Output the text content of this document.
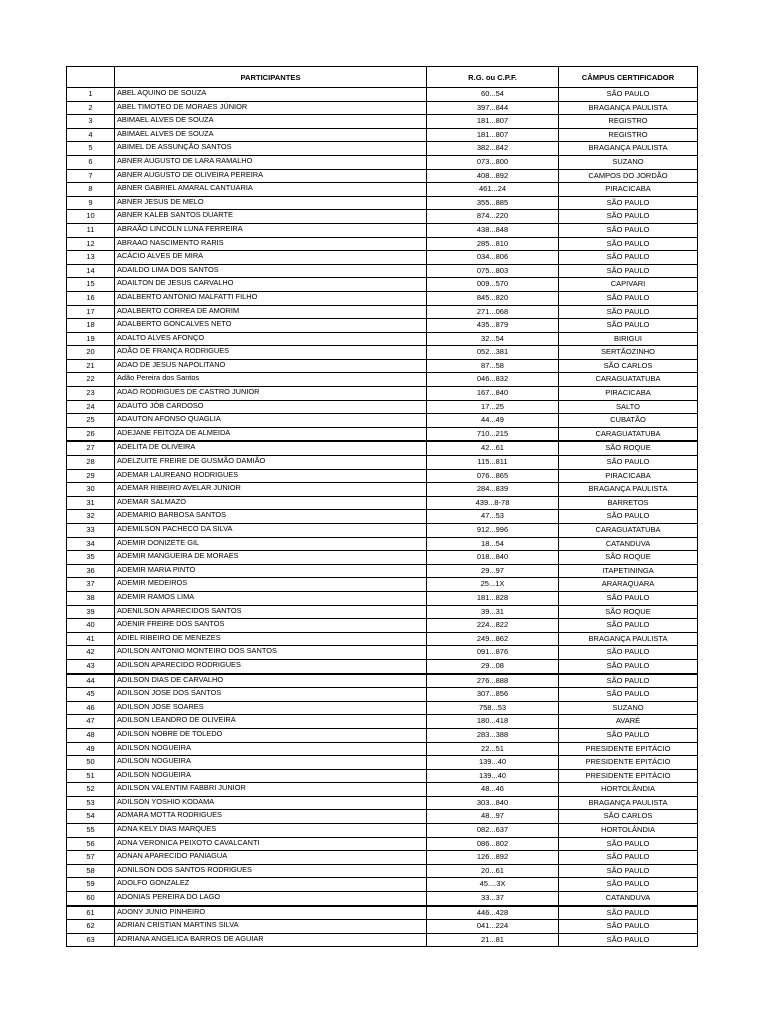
	PARTICIPANTES	R.G. ou C.P.F.	CÂMPUS CERTIFICADOR
1	ABEL AQUINO DE SOUZA	60...54	SÃO PAULO
2	ABEL TIMOTEO DE MORAES JÚNIOR	397...844	BRAGANÇA PAULISTA
3	ABIMAEL ALVES DE SOUZA	181...807	REGISTRO
4	ABIMAEL ALVES DE SOUZA	181...807	REGISTRO
5	ABIMEL DE ASSUNÇÃO SANTOS	382...842	BRAGANÇA PAULISTA
6	ABNER AUGUSTO DE LARA RAMALHO	073...800	SUZANO
7	ABNER AUGUSTO DE OLIVEIRA PEREIRA	408...892	CAMPOS DO JORDÃO
8	ABNER GABRIEL AMARAL CANTUARIA	461...24	PIRACICABA
9	ABNER JESUS DE MELO	355...885	SÃO PAULO
10	ABNER KALEB SANTOS DUARTE	874...220	SÃO PAULO
11	ABRAÃO LINCOLN LUNA FERREIRA	438...848	SÃO PAULO
12	ABRAAO NASCIMENTO RARIS	285...810	SÃO PAULO
13	ACÁCIO ALVES DE MIRA	034...806	SÃO PAULO
14	ADAILDO LIMA DOS SANTOS	075...803	SÃO PAULO
15	ADAILTON DE JESUS CARVALHO	009...570	CAPIVARI
16	ADALBERTO ANTONIO MALFATTI FILHO	845...820	SÃO PAULO
17	ADALBERTO CORREA DE AMORIM	271...068	SÃO PAULO
18	ADALBERTO GONCALVES NETO	435...879	SÃO PAULO
19	ADALTO ALVES AFONÇO	32...54	BIRIGUI
20	ADÃO DE FRANÇA RODRIGUES	052...381	SERTÃOZINHO
21	ADAO DE JESUS NAPOLITANO	87...58	SÃO CARLOS
22	Adão Pereira dos Santos	046...832	CARAGUATATUBA
23	ADAO RODRIGUES DE CASTRO JUNIOR	167...840	PIRACICABA
24	ADAUTO JÓB CARDOSO	17...25	SALTO
25	ADAUTON AFONSO QUAGLIA	44...49	CUBATÃO
26	ADEJANE FEITOZA DE ALMEIDA	710...215	CARAGUATATUBA
27	ADELITA DE OLIVEIRA	42...61	SÃO ROQUE
28	ADELZUITE FREIRE DE GUSMÃO DAMIÃO	115...811	SÃO PAULO
29	ADEMAR LAUREANO RODRIGUES	076...865	PIRACICABA
30	ADEMAR RIBEIRO AVELAR JUNIOR	284...839	BRAGANÇA PAULISTA
31	ADEMAR SALMAZO	439...8-78	BARRETOS
32	ADEMARIO BARBOSA SANTOS	47...53	SÃO PAULO
33	ADEMILSON PACHECO DA SILVA	912...996	CARAGUATATUBA
34	ADEMIR DONIZETE GIL	18...54	CATANDUVA
35	ADEMIR MANGUEIRA DE MORAES	018...840	SÃO ROQUE
36	ADEMIR MARIA PINTO	29...97	ITAPETININGA
37	ADEMIR MEDEIROS	25...1X	ARARAQUARA
38	ADEMIR RAMOS LIMA	181...828	SÃO PAULO
39	ADENILSON APARECIDOS SANTOS	39...31	SÃO ROQUE
40	ADENIR FREIRE DOS SANTOS	224...822	SÃO PAULO
41	ADIEL RIBEIRO DE MENEZES	249...862	BRAGANÇA PAULISTA
42	ADILSON ANTONIO MONTEIRO DOS SANTOS	091...876	SÃO PAULO
43	ADILSON APARECIDO RODRIGUES	29...08	SÃO PAULO
44	ADILSON DIAS DE CARVALHO	276...888	SÃO PAULO
45	ADILSON JOSE DOS SANTOS	307...856	SÃO PAULO
46	ADILSON JOSE SOARES	758...53	SUZANO
47	ADILSON LEANDRO DE OLIVEIRA	180...418	AVARÉ
48	ADILSON NOBRE DE TOLEDO	283...388	SÃO PAULO
49	ADILSON NOGUEIRA	22...51	PRESIDENTE EPITÁCIO
50	ADILSON NOGUEIRA	139...40	PRESIDENTE EPITÁCIO
51	ADILSON NOGUEIRA	139...40	PRESIDENTE EPITÁCIO
52	ADILSON VALENTIM FABBRI JUNIOR	48...46	HORTOLÂNDIA
53	ADILSON YOSHIO KODAMA	303...840	BRAGANÇA PAULISTA
54	ADMARA MOTTA RODRIGUES	48...97	SÃO CARLOS
55	ADNA KELY DIAS MARQUES	082...637	HORTOLÂNDIA
56	ADNA VERONICA PEIXOTO CAVALCANTI	086...802	SÃO PAULO
57	ADNAN APARECIDO PANIAGUA	126...892	SÃO PAULO
58	ADNILSON DOS SANTOS RODRIGUES	20...61	SÃO PAULO
59	ADOLFO GONZALEZ	45....3X	SÃO PAULO
60	ADONIAS PEREIRA DO LAGO	33...37	CATANDUVA
61	ADONY JUNIO PINHEIRO	446...428	SÃO PAULO
62	ADRIAN CRISTIAN MARTINS SILVA	041...224	SÃO PAULO
63	ADRIANA ANGELICA BARROS DE AGUIAR	21...81	SÃO PAULO
